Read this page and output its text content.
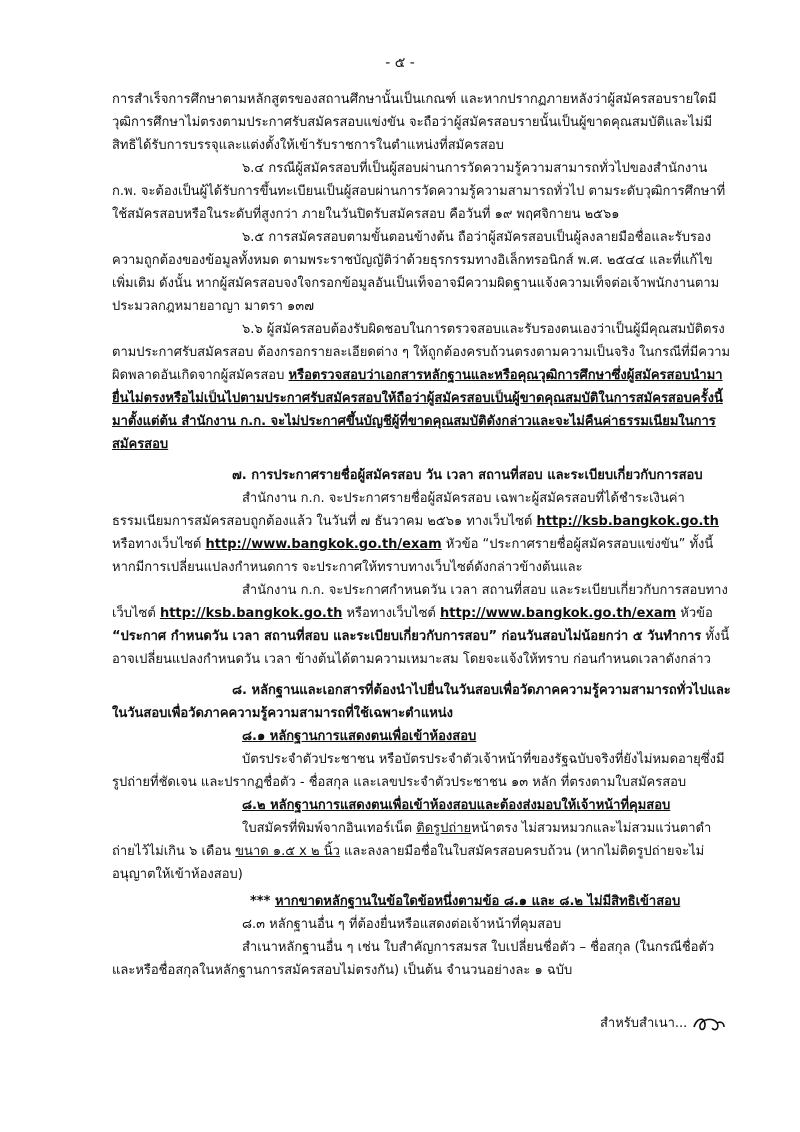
- ๕ -

การสำเร็จการศึกษาตามหลักสูตรของสถานศึกษานั้นเป็นเกณฑ์ และหากปรากฏภายหลังว่าผู้สมัครสอบรายใดมีวุฒิการศึกษาไม่ตรงตามประกาศรับสมัครสอบแข่งขัน จะถือว่าผู้สมัครสอบรายนั้นเป็นผู้ขาดคุณสมบัติและไม่มีสิทธิได้รับการบรรจุและแต่งตั้งให้เข้ารับราชการในตำแหน่งที่สมัครสอบ

๖.๔ กรณีผู้สมัครสอบที่เป็นผู้สอบผ่านการวัดความรู้ความสามารถทั่วไปของสำนักงาน ก.พ. จะต้องเป็นผู้ได้รับการขึ้นทะเบียนเป็นผู้สอบผ่านการวัดความรู้ความสามารถทั่วไป ตามระดับวุฒิการศึกษาที่ใช้สมัครสอบหรือในระดับที่สูงกว่า ภายในวันปิดรับสมัครสอบ คือวันที่ ๑๙ พฤศจิกายน ๒๕๖๑

๖.๕ การสมัครสอบตามขั้นตอนข้างต้น ถือว่าผู้สมัครสอบเป็นผู้ลงลายมือชื่อและรับรองความถูกต้องของข้อมูลทั้งหมด ตามพระราชบัญญัติว่าด้วยธุรกรรมทางอิเล็กทรอนิกส์ พ.ศ. ๒๕๔๔ และที่แก้ไขเพิ่มเติม ดังนั้น หากผู้สมัครสอบจงใจกรอกข้อมูลอันเป็นเท็จอาจมีความผิดฐานแจ้งความเท็จต่อเจ้าพนักงานตามประมวลกฎหมายอาญา มาตรา ๑๓๗

๖.๖ ผู้สมัครสอบต้องรับผิดชอบในการตรวจสอบและรับรองตนเองว่าเป็นผู้มีคุณสมบัติตรงตามประกาศรับสมัครสอบ ต้องกรอกรายละเอียดต่าง ๆ ให้ถูกต้องครบถ้วนตรงตามความเป็นจริง ในกรณีที่มีความผิดพลาดอันเกิดจากผู้สมัครสอบ หรือตรวจสอบว่าเอกสารหลักฐานและหรือคุณวุฒิการศึกษาซึ่งผู้สมัครสอบนำมายื่นไม่ตรงหรือไม่เป็นไปตามประกาศรับสมัครสอบให้ถือว่าผู้สมัครสอบเป็นผู้ขาดคุณสมบัติในการสมัครสอบครั้งนี้มาตั้งแต่ต้น สำนักงาน ก.ก. จะไม่ประกาศขึ้นบัญชีผู้ที่ขาดคุณสมบัติดังกล่าวและจะไม่คืนค่าธรรมเนียมในการสมัครสอบ

๗. การประกาศรายชื่อผู้สมัครสอบ วัน เวลา สถานที่สอบ และระเบียบเกี่ยวกับการสอบ

สำนักงาน ก.ก. จะประกาศรายชื่อผู้สมัครสอบ เฉพาะผู้สมัครสอบที่ได้ชำระเงินค่าธรรมเนียมการสมัครสอบถูกต้องแล้ว ในวันที่ ๗ ธันวาคม ๒๕๖๑ ทางเว็บไซต์ http://ksb.bangkok.go.th หรือทางเว็บไซต์ http://www.bangkok.go.th/exam หัวข้อ “ประกาศรายชื่อผู้สมัครสอบแข่งขัน” ทั้งนี้ หากมีการเปลี่ยนแปลงกำหนดการ จะประกาศให้ทราบทางเว็บไซต์ดังกล่าวข้างต้นและ

สำนักงาน ก.ก. จะประกาศกำหนดวัน เวลา สถานที่สอบ และระเบียบเกี่ยวกับการสอบทางเว็บไซต์ http://ksb.bangkok.go.th หรือทางเว็บไซต์ http://www.bangkok.go.th/exam หัวข้อ “ประกาศ กำหนดวัน เวลา สถานที่สอบ และระเบียบเกี่ยวกับการสอบ” ก่อนวันสอบไม่น้อยกว่า ๕ วันทำการ ทั้งนี้ อาจเปลี่ยนแปลงกำหนดวัน เวลา ข้างต้นได้ตามความเหมาะสม โดยจะแจ้งให้ทราบ ก่อนกำหนดเวลาดังกล่าว

๘. หลักฐานและเอกสารที่ต้องนำไปยื่นในวันสอบเพื่อวัดภาคความรู้ความสามารถทั่วไปและในวันสอบเพื่อวัดภาคความรู้ความสามารถที่ใช้เฉพาะตำแหน่ง

๘.๑ หลักฐานการแสดงตนเพื่อเข้าห้องสอบ

บัตรประจำตัวประชาชน หรือบัตรประจำตัวเจ้าหน้าที่ของรัฐฉบับจริงที่ยังไม่หมดอายุซึ่งมีรูปถ่ายที่ชัดเจน และปรากฏชื่อตัว - ชื่อสกุล และเลขประจำตัวประชาชน ๑๓ หลัก ที่ตรงตามใบสมัครสอบ

๘.๒ หลักฐานการแสดงตนเพื่อเข้าห้องสอบและต้องส่งมอบให้เจ้าหน้าที่คุมสอบ

ใบสมัครที่พิมพ์จากอินเทอร์เน็ต ติดรูปถ่ายหน้าตรง ไม่สวมหมวกและไม่สวมแว่นตาดำ ถ่ายไว้ไม่เกิน ๖ เดือน ขนาด ๑.๕ x ๒ นิ้ว และลงลายมือชื่อในใบสมัครสอบครบถ้วน (หากไม่ติดรูปถ่ายจะไม่อนุญาตให้เข้าห้องสอบ)

*** หากขาดหลักฐานในข้อใดข้อหนึ่งตามข้อ ๘.๑ และ ๘.๒ ไม่มีสิทธิเข้าสอบ

๘.๓ หลักฐานอื่น ๆ ที่ต้องยื่นหรือแสดงต่อเจ้าหน้าที่คุมสอบ

สำเนาหลักฐานอื่น ๆ เช่น ใบสำคัญการสมรส ใบเปลี่ยนชื่อตัว – ชื่อสกุล (ในกรณีชื่อตัว และหรือชื่อสกุลในหลักฐานการสมัครสอบไม่ตรงกัน) เป็นต้น จำนวนอย่างละ ๑ ฉบับ

สำหรับสำเนา...
